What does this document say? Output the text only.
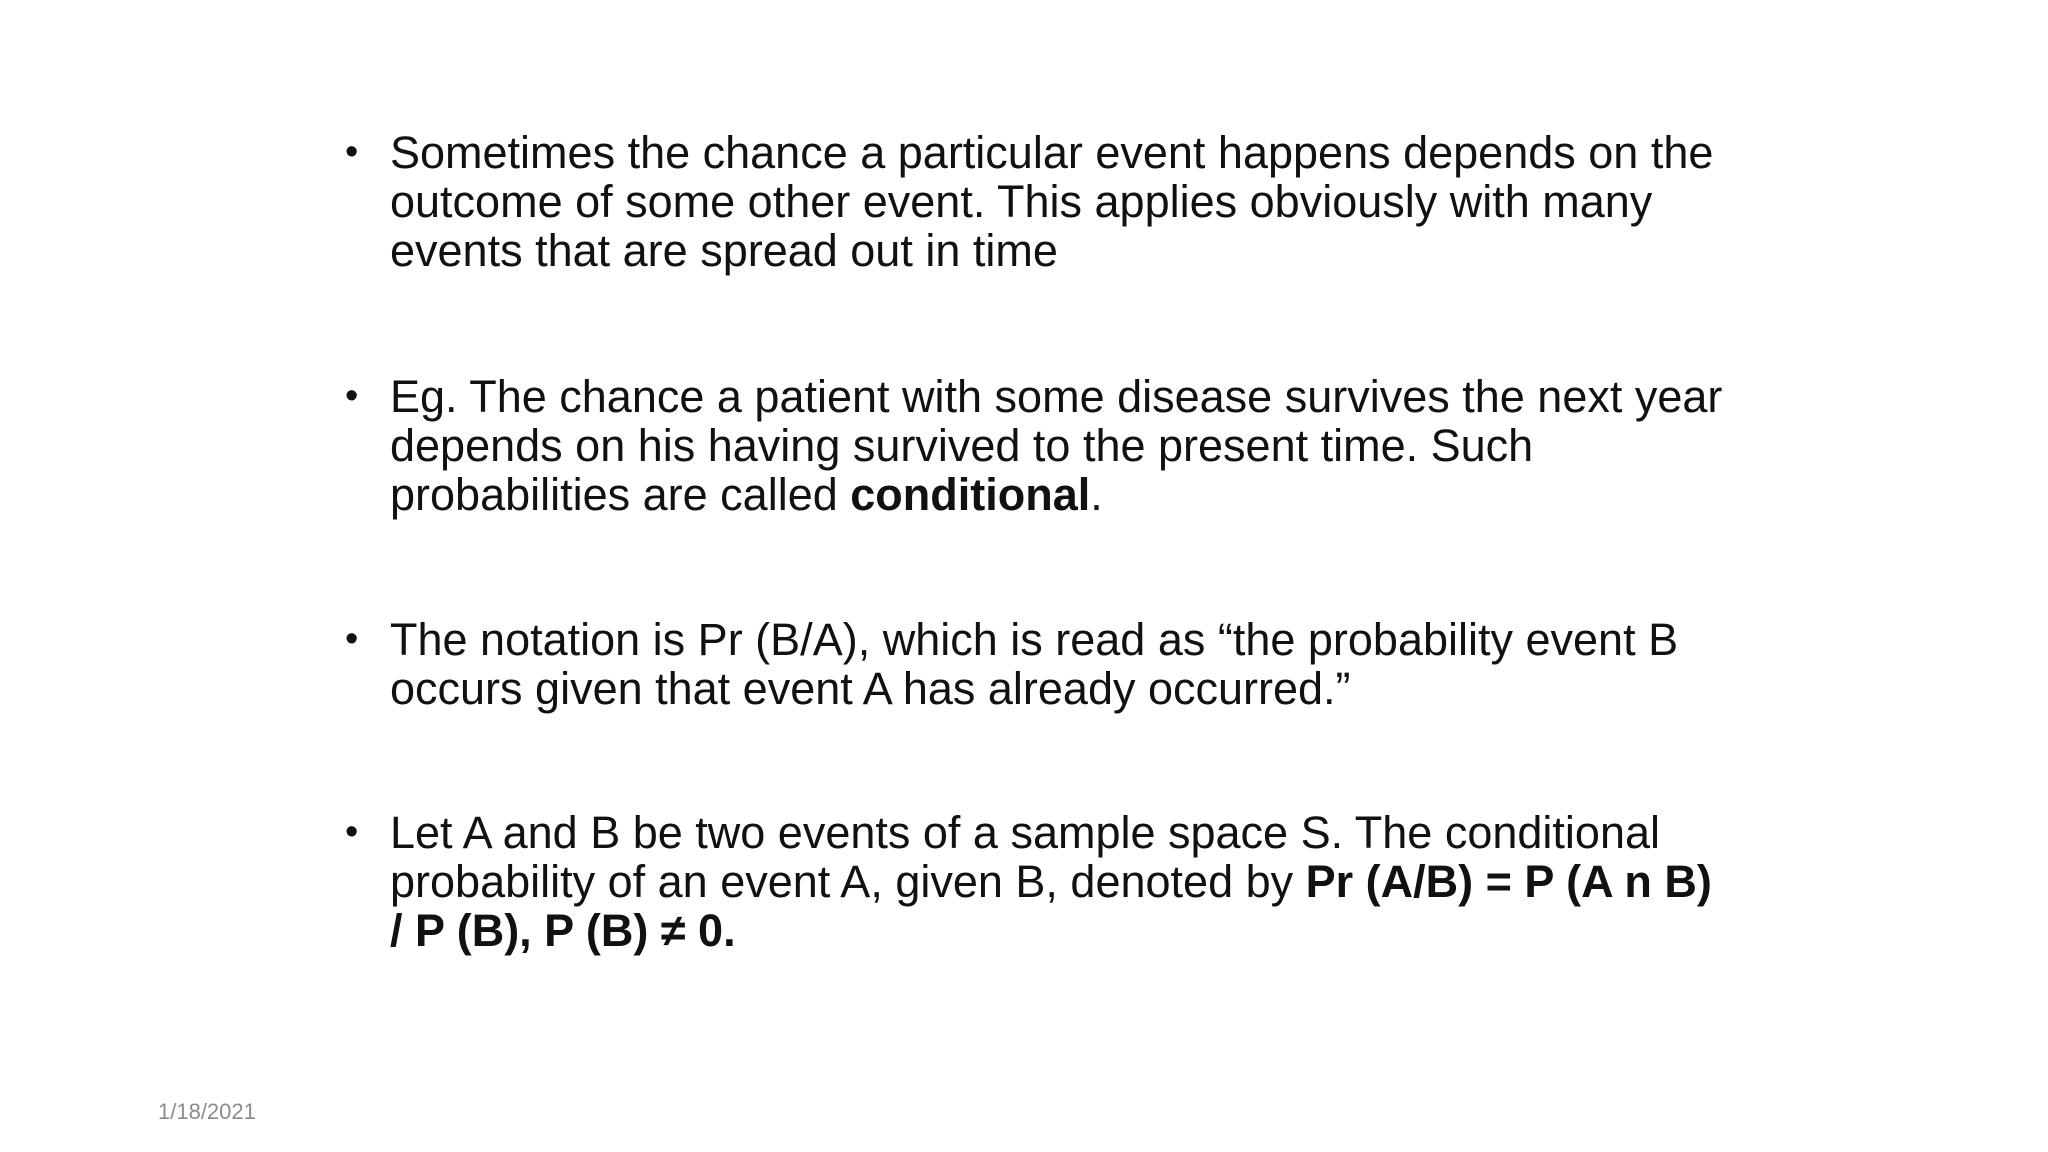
• Sometimes the chance a particular event happens depends on the outcome of some other event. This applies obviously with many events that are spread out in time
• Eg. The chance a patient with some disease survives the next year depends on his having survived to the present time. Such probabilities are called conditional.
• The notation is Pr (B/A), which is read as “the probability event B occurs given that event A has already occurred.”
• Let A and B be two events of a sample space S. The conditional probability of an event A, given B, denoted by Pr (A/B) = P (A n B) / P (B), P (B) ≠ 0.
1/18/2021
